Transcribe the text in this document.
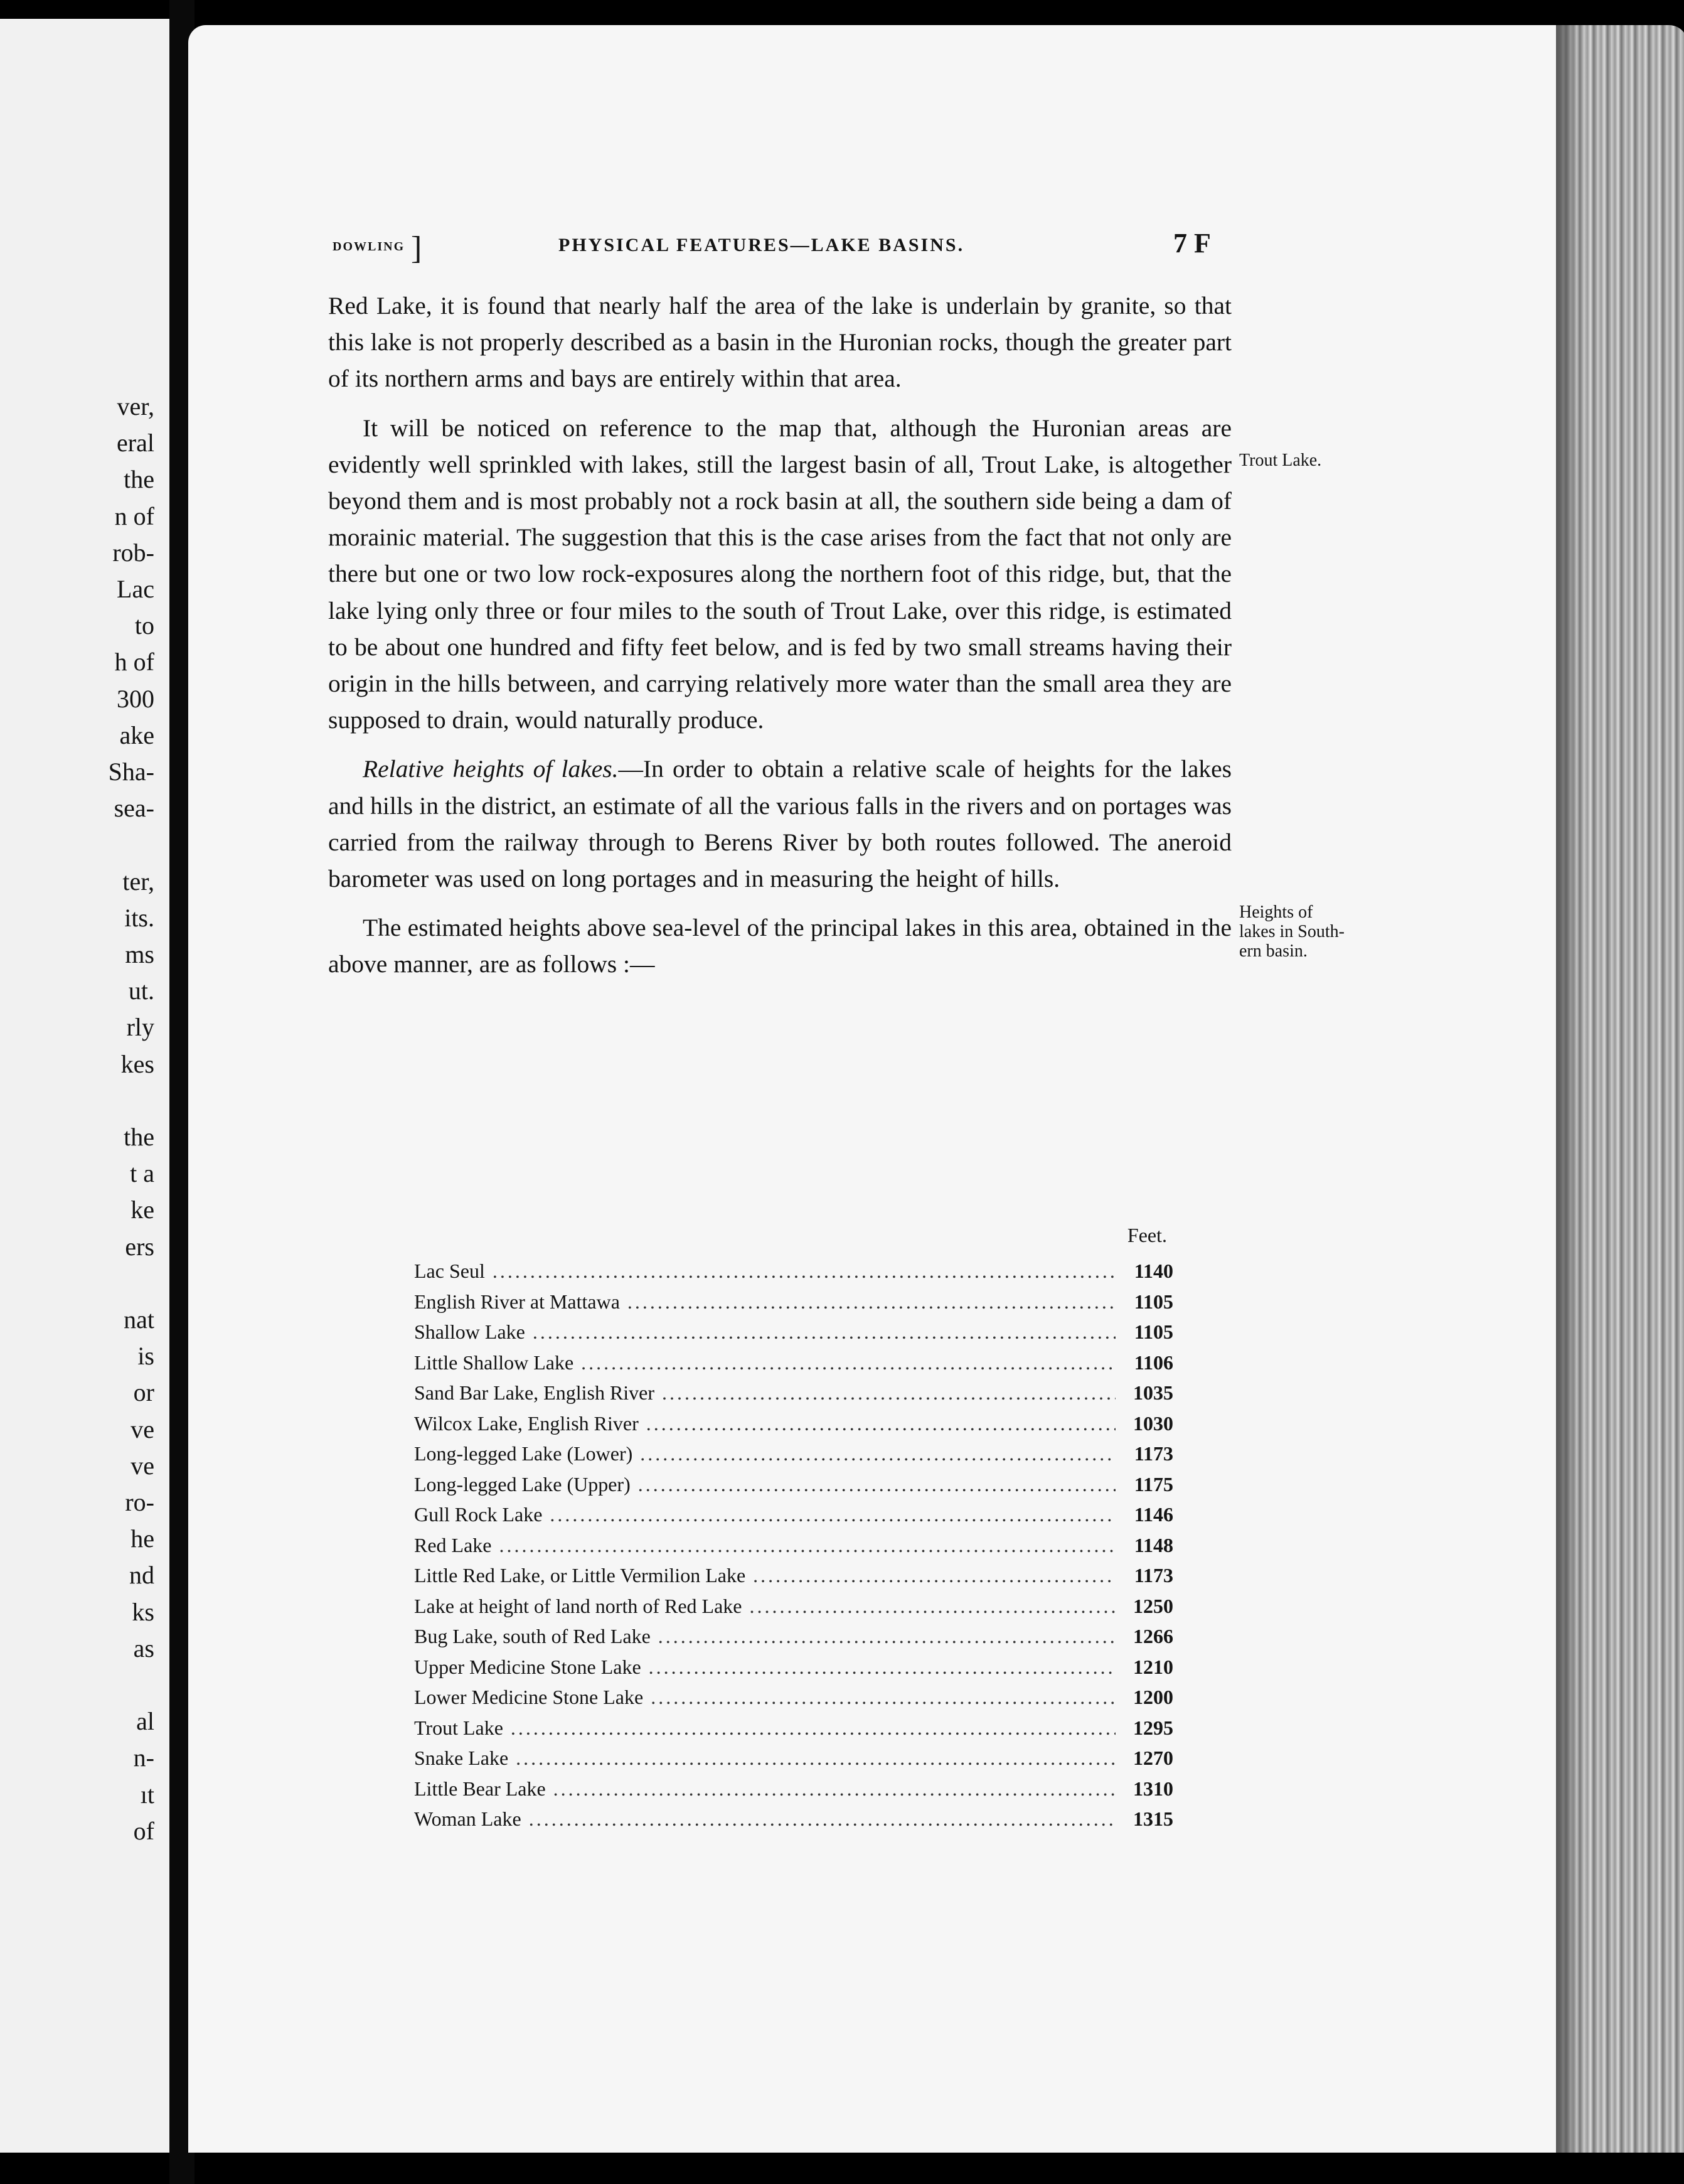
ver,
eral
the
n of
rob-
Lac
to
h of
300
ake
Sha-
sea-
ter,
its.
ms
ut.
rly
kes
the
t a
ke
ers
nat
is
or
ve
ve
ro-
he
nd
ks
as
al
n-
ıt
of
DOWLING ]	PHYSICAL FEATURES—LAKE BASINS.	7 F

Red Lake, it is found that nearly half the area of the lake is underlain by granite, so that this lake is not properly described as a basin in the Huronian rocks, though the greater part of its northern arms and bays are entirely within that area.

It will be noticed on reference to the map that, although the Huronian areas are evidently well sprinkled with lakes, still the largest basin of all, Trout Lake, is altogether beyond them and is most probably not a rock basin at all, the southern side being a dam of morainic material. The suggestion that this is the case arises from the fact that not only are there but one or two low rock-exposures along the northern foot of this ridge, but, that the lake lying only three or four miles to the south of Trout Lake, over this ridge, is estimated to be about one hundred and fifty feet below, and is fed by two small streams having their origin in the hills between, and carrying relatively more water than the small area they are supposed to drain, would naturally produce.

Relative heights of lakes.—In order to obtain a relative scale of heights for the lakes and hills in the district, an estimate of all the various falls in the rivers and on portages was carried from the railway through to Berens River by both routes followed. The aneroid barometer was used on long portages and in measuring the height of hills.

The estimated heights above sea-level of the principal lakes in this area, obtained in the above manner, are as follows :—

Trout Lake.
Heights of
lakes in South-
ern basin.
Feet.
Lac Seul . . .	1140
English River at Mattawa . . .	1105
Shallow Lake . . .	1105
Little Shallow Lake . . .	1106
Sand Bar Lake, English River . . .	1035
Wilcox Lake, English River . . .	1030
Long-legged Lake (Lower) . . .	1173
Long-legged Lake (Upper) . . .	1175
Gull Rock Lake . . .	1146
Red Lake . . .	1148
Little Red Lake, or Little Vermilion Lake . . .	1173
Lake at height of land north of Red Lake . . .	1250
Bug Lake, south of Red Lake . . .	1266
Upper Medicine Stone Lake . . .	1210
Lower Medicine Stone Lake . . .	1200
Trout Lake . . .	1295
Snake Lake . . .	1270
Little Bear Lake . . .	1310
Woman Lake . . .	1315
